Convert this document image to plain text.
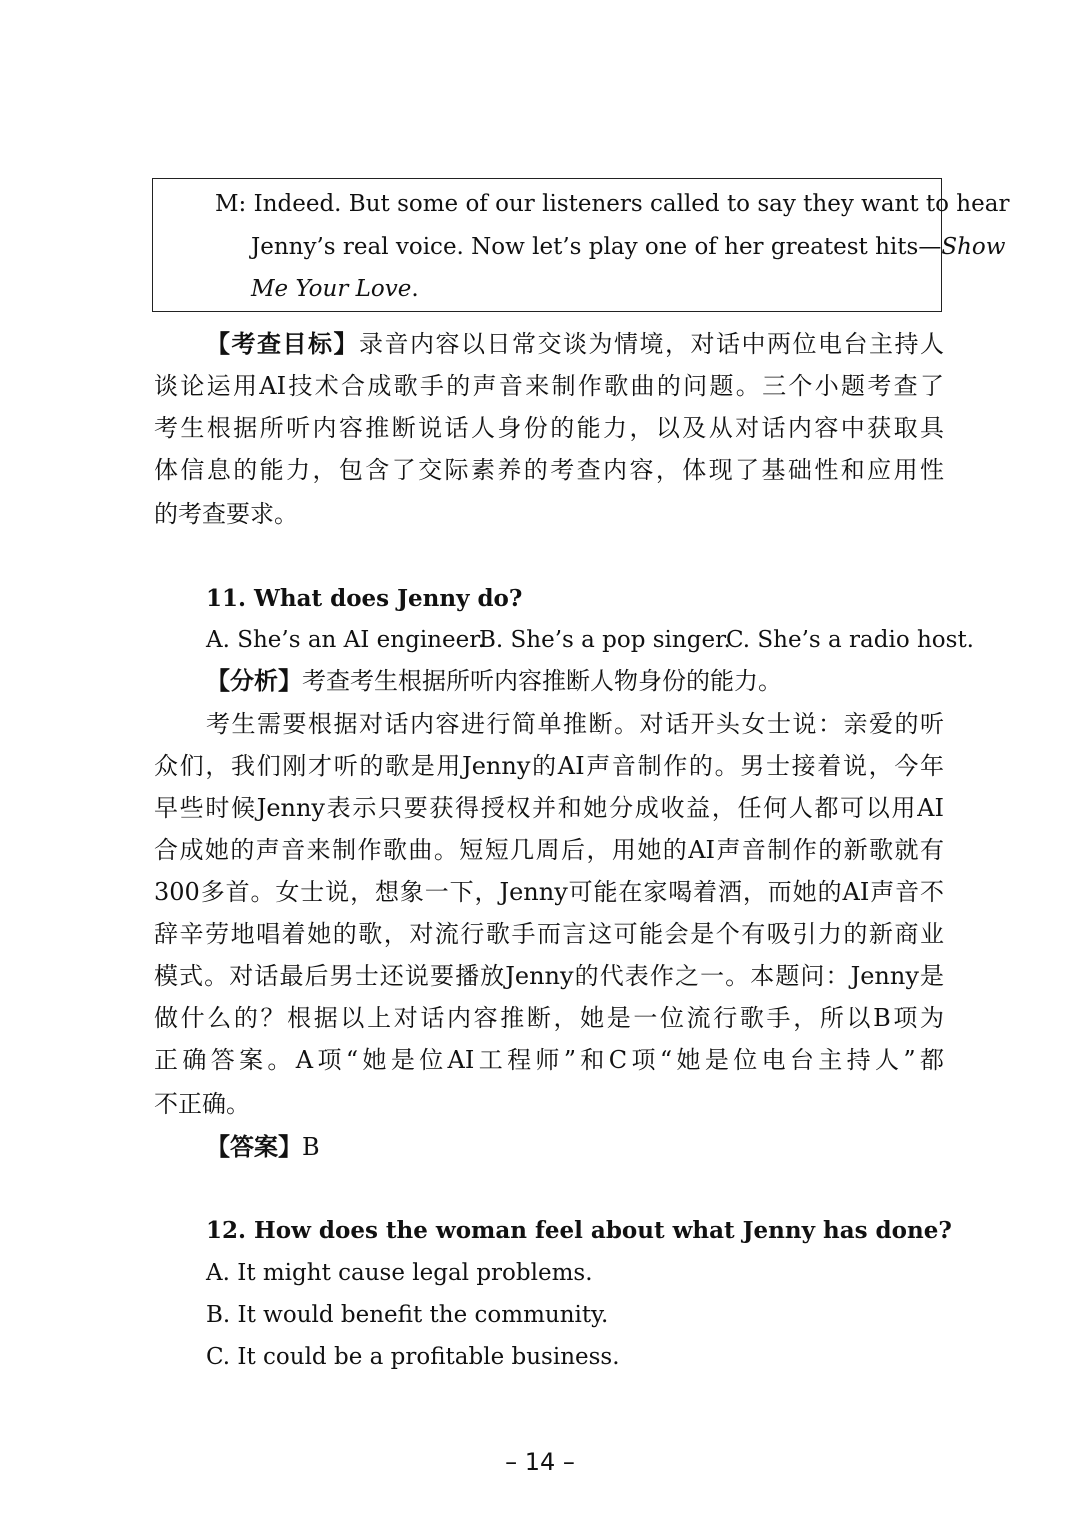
M: Indeed. But some of our listeners called to say they want to hear
Jenny’s real voice. Now let’s play one of her greatest hits—Show
Me Your Love.
【考查目标】录音内容以日常交谈为情境，对话中两位电台主持人
谈论运用AI技术合成歌手的声音来制作歌曲的问题。三个小题考查了
考生根据所听内容推断说话人身份的能力，以及从对话内容中获取具
体信息的能力，包含了交际素养的考查内容，体现了基础性和应用性
的考查要求。
11. What does Jenny do?
A. She’s an AI engineer.
B. She’s a pop singer.
C. She’s a radio host.
【分析】考查考生根据所听内容推断人物身份的能力。
考生需要根据对话内容进行简单推断。对话开头女士说：亲爱的听
众们，我们刚才听的歌是用Jenny的AI声音制作的。男士接着说，今年
早些时候Jenny表示只要获得授权并和她分成收益，任何人都可以用AI
合成她的声音来制作歌曲。短短几周后，用她的AI声音制作的新歌就有
300多首。女士说，想象一下，Jenny可能在家喝着酒，而她的AI声音不
辞辛劳地唱着她的歌，对流行歌手而言这可能会是个有吸引力的新商业
模式。对话最后男士还说要播放Jenny的代表作之一。本题问：Jenny是
做什么的？根据以上对话内容推断，她是一位流行歌手，所以B项为
正确答案。A项“她是位AI工程师”和C项“她是位电台主持人”都
不正确。
【答案】B
12. How does the woman feel about what Jenny has done?
A. It might cause legal problems.
B. It would benefit the community.
C. It could be a profitable business.
– 14 –
